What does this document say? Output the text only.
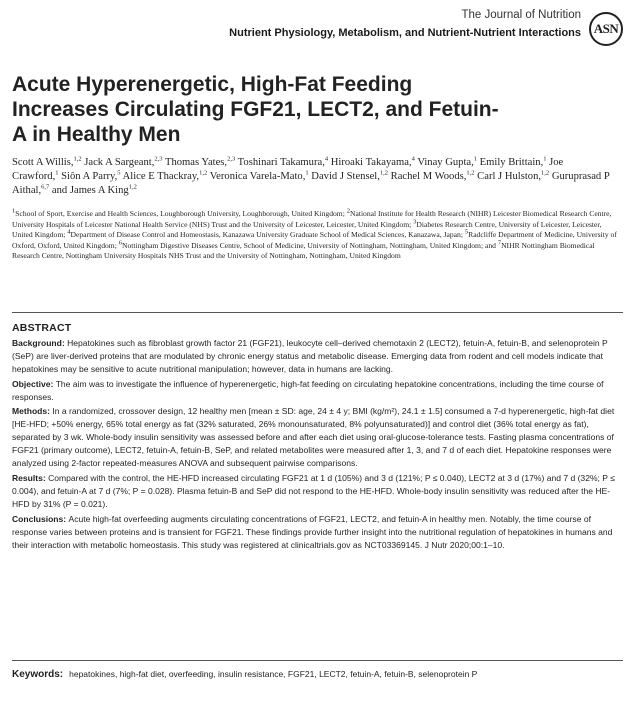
The Journal of Nutrition
Nutrient Physiology, Metabolism, and Nutrient-Nutrient Interactions ASN
Acute Hyperenergetic, High-Fat Feeding Increases Circulating FGF21, LECT2, and Fetuin-A in Healthy Men
Scott A Willis,$^{1,2}$ Jack A Sargeant,$^{2,3}$ Thomas Yates,$^{2,3}$ Toshinari Takamura,$^4$ Hiroaki Takayama,$^4$ Vinay Gupta,$^1$ Emily Brittain,$^1$ Joe Crawford,$^1$ Siôn A Parry,$^5$ Alice E Thackray,$^{1,2}$ Veronica Varela-Mato,$^1$ David J Stensel,$^{1,2}$ Rachel M Woods,$^{1,2}$ Carl J Hulston,$^{1,2}$ Guruprasad P Aithal,$^{6,7}$ and James A King$^{1,2}$
$^1$School of Sport, Exercise and Health Sciences, Loughborough University, Loughborough, United Kingdom; $^2$National Institute for Health Research (NIHR) Leicester Biomedical Research Centre, University Hospitals of Leicester National Health Service (NHS) Trust and the University of Leicester, Leicester, United Kingdom; $^3$Diabetes Research Centre, University of Leicester, Leicester, United Kingdom; $^4$Department of Disease Control and Homeostasis, Kanazawa University Graduate School of Medical Sciences, Kanazawa, Japan; $^5$Radcliffe Department of Medicine, University of Oxford, Oxford, United Kingdom; $^6$Nottingham Digestive Diseases Centre, School of Medicine, University of Nottingham, Nottingham, United Kingdom; and $^7$NIHR Nottingham Biomedical Research Centre, Nottingham University Hospitals NHS Trust and the University of Nottingham, Nottingham, United Kingdom
ABSTRACT

Background: Hepatokines such as fibroblast growth factor 21 (FGF21), leukocyte cell–derived chemotaxin 2 (LECT2), fetuin-A, fetuin-B, and selenoprotein P (SeP) are liver-derived proteins that are modulated by chronic energy status and metabolic disease. Emerging data from rodent and cell models indicate that hepatokines may be sensitive to acute nutritional manipulation; however, data in humans are lacking.

Objective: The aim was to investigate the influence of hyperenergetic, high-fat feeding on circulating hepatokine concentrations, including the time course of responses.

Methods: In a randomized, crossover design, 12 healthy men [mean ± SD: age, 24 ± 4 y; BMI (kg/m²), 24.1 ± 1.5] consumed a 7-d hyperenergetic, high-fat diet [HE-HFD; +50% energy, 65% total energy as fat (32% saturated, 26% monounsaturated, 8% polyunsaturated)] and control diet (36% total energy as fat), separated by 3 wk. Whole-body insulin sensitivity was assessed before and after each diet using oral-glucose-tolerance tests. Fasting plasma concentrations of FGF21 (primary outcome), LECT2, fetuin-A, fetuin-B, SeP, and related metabolites were measured after 1, 3, and 7 d of each diet. Hepatokine responses were analyzed using 2-factor repeated-measures ANOVA and subsequent pairwise comparisons.

Results: Compared with the control, the HE-HFD increased circulating FGF21 at 1 d (105%) and 3 d (121%; P ≤ 0.040), LECT2 at 3 d (17%) and 7 d (32%; P ≤ 0.004), and fetuin-A at 7 d (7%; P = 0.028). Plasma fetuin-B and SeP did not respond to the HE-HFD. Whole-body insulin sensitivity was reduced after the HE-HFD by 31% (P = 0.021).

Conclusions: Acute high-fat overfeeding augments circulating concentrations of FGF21, LECT2, and fetuin-A in healthy men. Notably, the time course of response varies between proteins and is transient for FGF21. These findings provide further insight into the nutritional regulation of hepatokines in humans and their interaction with metabolic homeostasis. This study was registered at clinicaltrials.gov as NCT03369145. J Nutr 2020;00:1–10.

Keywords: hepatokines, high-fat diet, overfeeding, insulin resistance, FGF21, LECT2, fetuin-A, fetuin-B, selenoprotein P
